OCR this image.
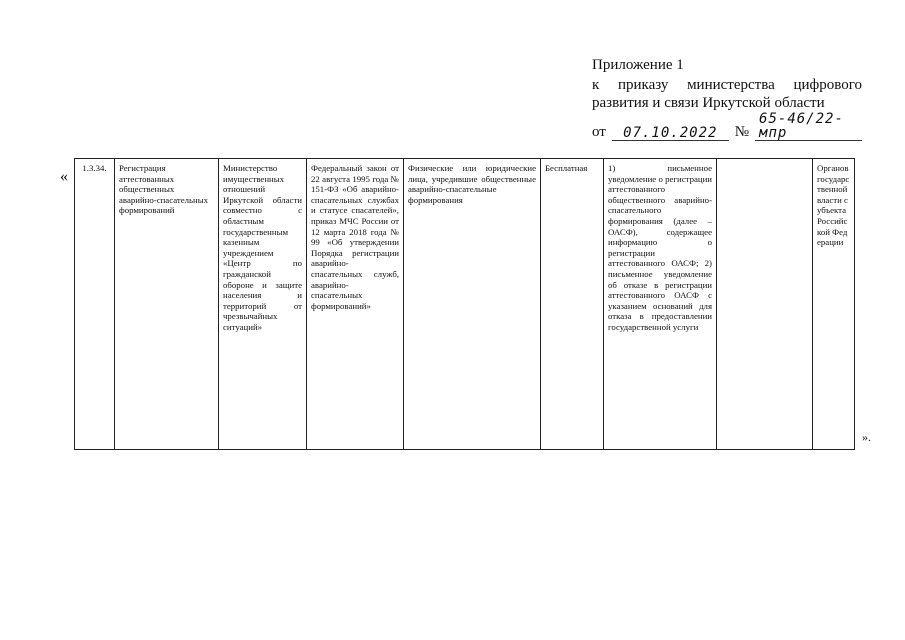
Приложение 1
к приказу министерства цифрового
развития и связи Иркутской области
от	07.10.2022	№
65-46/22-мпр
« 1.3.34.	Регистрация аттестованных общественных аварийно-спасательных формирований	Министерство имущественных отношений Иркутской области совместно с областным государственным казенным учреждением «Центр по гражданской обороне и защите населения и территорий от чрезвычайных ситуаций»	Федеральный закон от 22 августа 1995 года № 151-ФЗ «Об аварийно-спасательных службах и статусе спасателей», приказ МЧС России от 12 марта 2018 года № 99 «Об утверждении Порядка регистрации аварийно-спасательных служб, аварийно-спасательных формирований»	Физические или юридические лица, учредившие общественные аварийно-спасательные формирования	Бесплатная	1) письменное уведомление о регистрации аттестованного общественного аварийно-спасательного формирования (далее – ОАСФ), содержащее информацию о регистрации аттестованного ОАСФ; 2) письменное уведомление об отказе в регистрации аттестованного ОАСФ с указанием оснований для отказа в предоставлении государственной услуги		Органов государственной власти субъекта Российской Федерации
».
